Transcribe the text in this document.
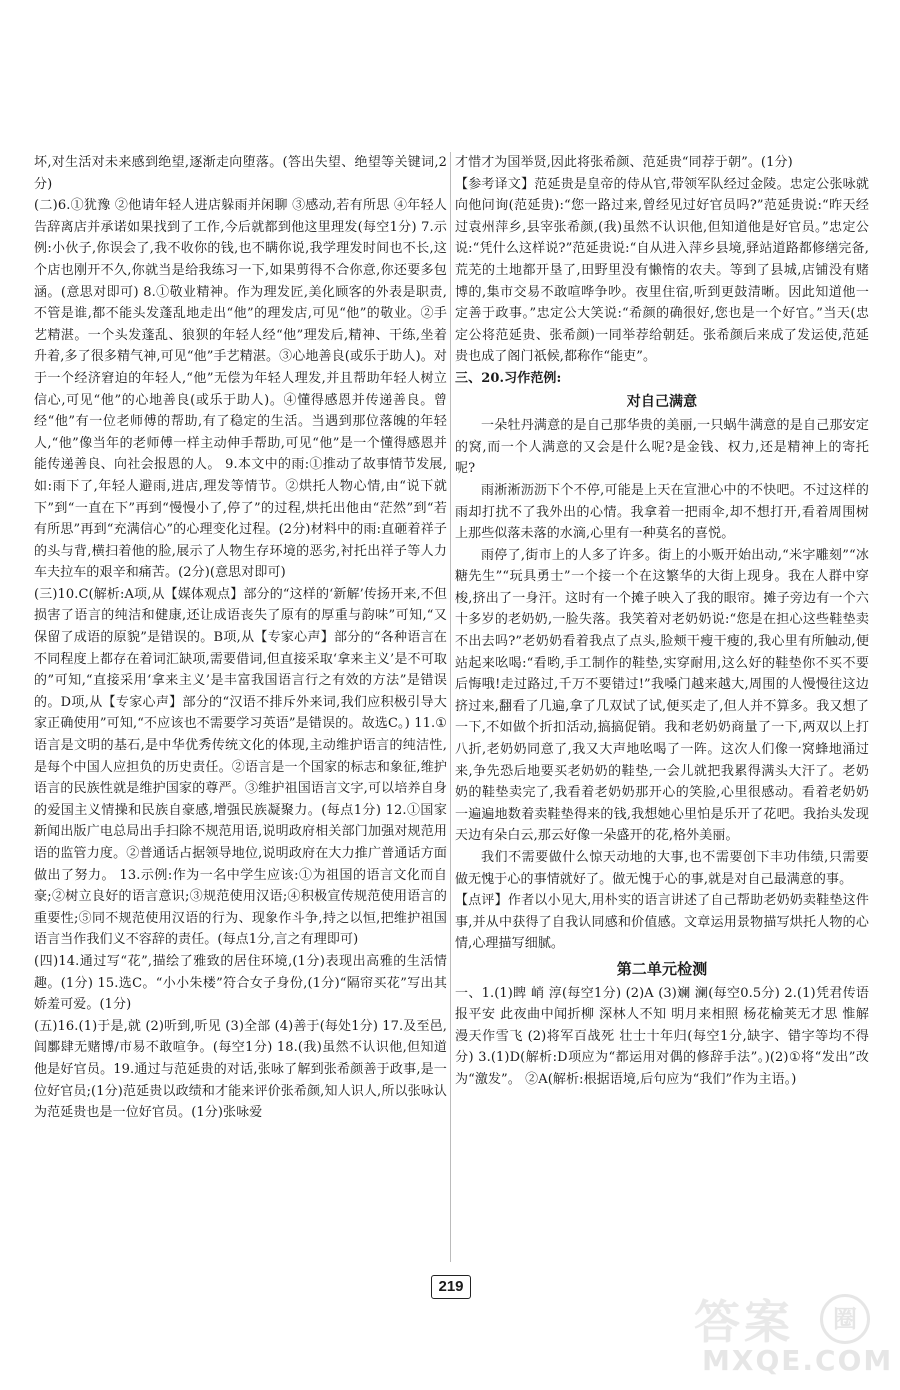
坏,对生活对未来感到绝望,逐渐走向堕落。(答出失望、绝望等关键词,2分)

(二)6.①犹豫 ②他请年轻人进店躲雨并闲聊 ③感动,若有所思 ④年轻人告辞离店并承诺如果找到了工作,今后就都到他这里理发(每空1分) 7.示例:小伙子,你误会了,我不收你的钱,也不瞒你说,我学理发时间也不长,这个店也刚开不久,你就当是给我练习一下,如果剪得不合你意,你还要多包涵。(意思对即可) 8.①敬业精神。作为理发匠,美化顾客的外表是职责,不管是谁,都不能头发蓬乱地走出“他”的理发店,可见“他”的敬业。②手艺精湛。一个头发蓬乱、狼狈的年轻人经“他”理发后,精神、干练,坐着升着,多了很多精气神,可见“他”手艺精湛。③心地善良(或乐于助人)。对于一个经济窘迫的年轻人,“他”无偿为年轻人理发,并且帮助年轻人树立信心,可见“他”的心地善良(或乐于助人)。④懂得感恩并传递善良。曾经“他”有一位老师傅的帮助,有了稳定的生活。当遇到那位落魄的年轻人,“他”像当年的老师傅一样主动伸手帮助,可见“他”是一个懂得感恩并能传递善良、向社会报恩的人。 9.本文中的雨:①推动了故事情节发展,如:雨下了,年轻人避雨,进店,理发等情节。②烘托人物心情,由“说下就下”到“一直在下”再到“慢慢小了,停了”的过程,烘托出他由“茫然”到“若有所思”再到“充满信心”的心理变化过程。(2分)材料中的雨:直砸着祥子的头与背,横扫着他的脸,展示了人物生存环境的恶劣,衬托出祥子等人力车夫拉车的艰辛和痛苦。(2分)(意思对即可)

(三)10.C(解析:A项,从【媒体观点】部分的“这样的‘新解’传扬开来,不但损害了语言的纯洁和健康,还让成语丧失了原有的厚重与韵味”可知,“又保留了成语的原貌”是错误的。B项,从【专家心声】部分的“各种语言在不同程度上都存在着词汇缺项,需要借词,但直接采取‘拿来主义’是不可取的”可知,“直接采用‘拿来主义’是丰富我国语言行之有效的方法”是错误的。D项,从【专家心声】部分的“汉语不排斥外来词,我们应积极引导大家正确使用”可知,“不应该也不需要学习英语”是错误的。故选C。) 11.①语言是文明的基石,是中华优秀传统文化的体现,主动维护语言的纯洁性,是每个中国人应担负的历史责任。②语言是一个国家的标志和象征,维护语言的民族性就是维护国家的尊严。③维护祖国语言文字,可以培养自身的爱国主义情操和民族自豪感,增强民族凝聚力。(每点1分) 12.①国家新闻出版广电总局出手扫除不规范用语,说明政府相关部门加强对规范用语的监管力度。②普通话占据领导地位,说明政府在大力推广普通话方面做出了努力。 13.示例:作为一名中学生应该:①为祖国的语言文化而自豪;②树立良好的语言意识;③规范使用汉语;④积极宣传规范使用语言的重要性;⑤同不规范使用汉语的行为、现象作斗争,持之以恒,把维护祖国语言当作我们义不容辞的责任。(每点1分,言之有理即可)

(四)14.通过写“花”,描绘了雅致的居住环境,(1分)表现出高雅的生活情趣。(1分) 15.选C。“小小朱楼”符合女子身份,(1分)“隔帘买花”写出其娇羞可爱。(1分)

(五)16.(1)于是,就 (2)听到,听见 (3)全部 (4)善于(每处1分) 17.及至邑,闾鄽肆无赌博/市易不敢喧争。(每空1分) 18.(我)虽然不认识他,但知道他是好官员。19.通过与范延贵的对话,张咏了解到张希颜善于政事,是一位好官员;(1分)范延贵以政绩和才能来评价张希颜,知人识人,所以张咏认为范延贵也是一位好官员。(1分)张咏爱

才惜才为国举贤,因此将张希颜、范延贵“同荐于朝”。(1分)

【参考译文】范延贵是皇帝的侍从官,带领军队经过金陵。忠定公张咏就向他问询(范延贵):“您一路过来,曾经见过好官员吗?”范延贵说:“昨天经过袁州萍乡,县宰张希颜,(我)虽然不认识他,但知道他是好官员。”忠定公说:“凭什么这样说?”范延贵说:“自从进入萍乡县境,驿站道路都修缮完备,荒芜的土地都开垦了,田野里没有懒惰的农夫。等到了县城,店铺没有赌博的,集市交易不敢喧哗争吵。夜里住宿,听到更鼓清晰。因此知道他一定善于政事。”忠定公大笑说:“希颜的确很好,您也是一个好官。”当天(忠定公将范延贵、张希颜)一同举荐给朝廷。张希颜后来成了发运使,范延贵也成了阁门祇候,都称作“能吏”。

三、20.习作范例:

对自己满意

一朵牡丹满意的是自己那华贵的美丽,一只蜗牛满意的是自己那安定的窝,而一个人满意的又会是什么呢?是金钱、权力,还是精神上的寄托呢?

雨淅淅沥沥下个不停,可能是上天在宣泄心中的不快吧。不过这样的雨却打扰不了我外出的心情。我拿着一把雨伞,却不想打开,看着周围树上那些似落未落的水滴,心里有一种莫名的喜悦。

雨停了,街市上的人多了许多。街上的小贩开始出动,“米字雕刻”“冰糖先生”“玩具勇士”一个接一个在这繁华的大街上现身。我在人群中穿梭,挤出了一身汗。这时有一个摊子映入了我的眼帘。摊子旁边有一个六十多岁的老奶奶,一脸失落。我笑着对老奶奶说:“您是在担心这些鞋垫卖不出去吗?”老奶奶看着我点了点头,脸颊干瘦干瘦的,我心里有所触动,便站起来吆喝:“看哟,手工制作的鞋垫,实穿耐用,这么好的鞋垫你不买不要后悔哦!走过路过,千万不要错过!”我嗓门越来越大,周围的人慢慢往这边挤过来,翻看了几遍,拿了几双试了试,便买走了,但人并不算多。我又想了一下,不如做个折扣活动,搞搞促销。我和老奶奶商量了一下,两双以上打八折,老奶奶同意了,我又大声地吆喝了一阵。这次人们像一窝蜂地涌过来,争先恐后地要买老奶奶的鞋垫,一会儿就把我累得满头大汗了。老奶奶的鞋垫卖完了,我看着老奶奶那开心的笑脸,心里很感动。看着老奶奶一遍遍地数着卖鞋垫得来的钱,我想她心里怕是乐开了花吧。我抬头发现天边有朵白云,那云好像一朵盛开的花,格外美丽。

我们不需要做什么惊天动地的大事,也不需要创下丰功伟绩,只需要做无愧于心的事情就好了。做无愧于心的事,就是对自己最满意的事。

【点评】作者以小见大,用朴实的语言讲述了自己帮助老奶奶卖鞋垫这件事,并从中获得了自我认同感和价值感。文章运用景物描写烘托人物的心情,心理描写细腻。

第二单元检测

一、1.(1)睥 峭 淳(每空1分) (2)A (3)斓 澜(每空0.5分) 2.(1)凭君传语报平安 此夜曲中闻折柳 深林人不知 明月来相照 杨花榆荚无才思 惟解漫天作雪飞 (2)将军百战死 壮士十年归(每空1分,缺字、错字等均不得分) 3.(1)D(解析:D项应为“都运用对偶的修辞手法”。)(2)①将“发出”改为“激发”。 ②A(解析:根据语境,后句应为“我们”作为主语。)

219
答案	圈
MXQE.COM
